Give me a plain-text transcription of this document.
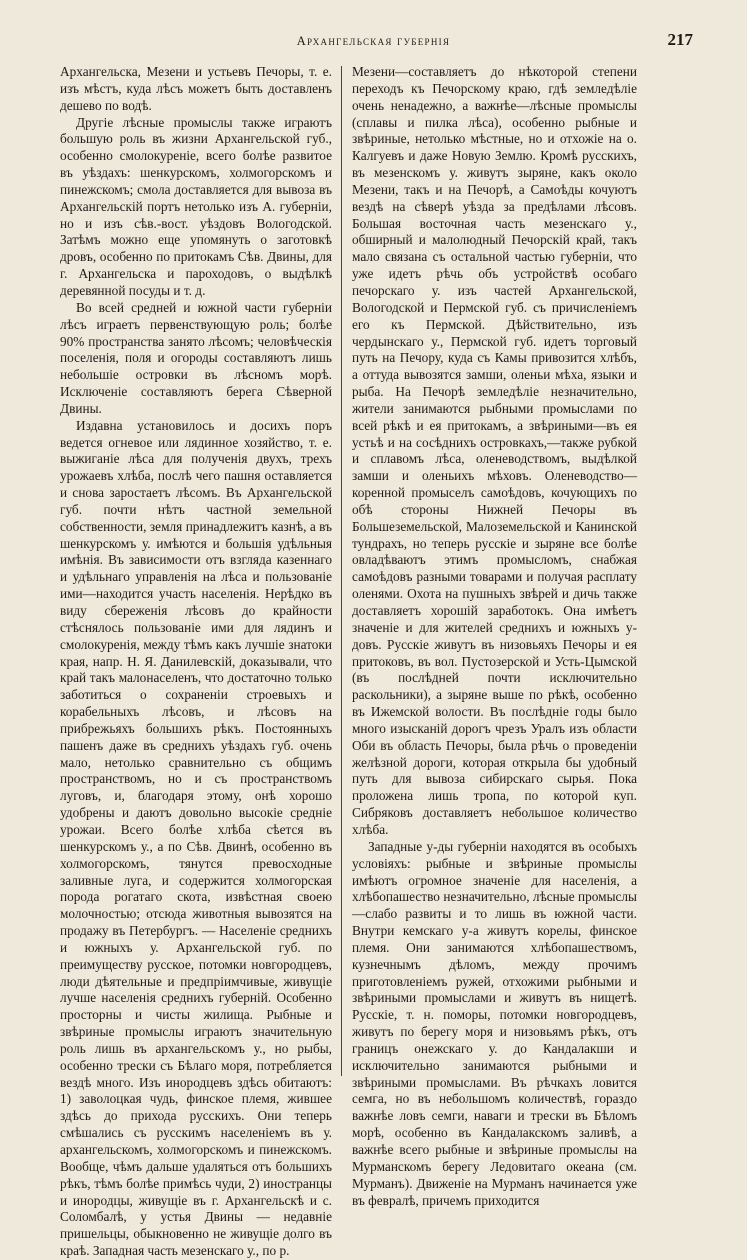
Архангельская губернія	217

Архангельска, Мезени и устьевъ Печоры, т. е. изъ мѣстъ, куда лѣсъ можетъ быть доставленъ дешево по водѣ.

Другіе лѣсные промыслы также играютъ большую роль въ жизни Архангельской губ., особенно смолокуреніе, всего болѣе развитое въ уѣздахъ: шенкурскомъ, холмогорскомъ и пинежскомъ; смола доставляется для вывоза въ Архангельскій портъ нетолько изъ А. губерніи, но и изъ сѣв.-вост. уѣздовъ Вологодской. Затѣмъ можно еще упомянуть о заготовкѣ дровъ, особенно по притокамъ Сѣв. Двины, для г. Архангельска и пароходовъ, о выдѣлкѣ деревянной посуды и т. д.

Во всей средней и южной части губерніи лѣсъ играетъ первенствующую роль; болѣе 90% пространства занято лѣсомъ; человѣческія поселенія, поля и огороды составляютъ лишь небольшіе островки въ лѣсномъ морѣ. Исключеніе составляютъ берега Сѣверной Двины.

Издавна установилось и досихъ поръ ведется огневое или лядинное хозяйство, т. е. выжиганіе лѣса для полученія двухъ, трехъ урожаевъ хлѣба, послѣ чего пашня оставляется и снова заростаетъ лѣсомъ. Въ Архангельской губ. почти нѣтъ частной земельной собственности, земля принадлежитъ казнѣ, а въ шенкурскомъ у. имѣются и большія удѣльныя имѣнія. Въ зависимости отъ взгляда казеннаго и удѣльнаго управленія на лѣса и пользованіе ими—находится участь населенія. Нерѣдко въ виду сбереженія лѣсовъ до крайности стѣснялось пользованіе ими для лядинъ и смолокуренія, между тѣмъ какъ лучшіе знатоки края, напр. Н. Я. Данилевскій, доказывали, что край такъ малонаселенъ, что достаточно только заботиться о сохраненіи строевыхъ и корабельныхъ лѣсовъ, и лѣсовъ на прибрежьяхъ большихъ рѣкъ. Постоянныхъ пашенъ даже въ среднихъ уѣздахъ губ. очень мало, нетолько сравнительно съ общимъ пространствомъ, но и съ пространствомъ луговъ, и, благодаря этому, онѣ хорошо удобрены и даютъ довольно высокіе средніе урожаи. Всего болѣе хлѣба сѣется въ шенкурскомъ у., а по Сѣв. Двинѣ, особенно въ холмогорскомъ, тянутся превосходные заливные луга, и содержится холмогорская порода рогатаго скота, извѣстная своею молочностью; отсюда животныя вывозятся на продажу въ Петербургъ. — Населеніе среднихъ и южныхъ у. Архангельской губ. по преимуществу русское, потомки новгородцевъ, люди дѣятельные и предпріимчивые, живущіе лучше населенія среднихъ губерній. Особенно просторны и чисты жилища. Рыбные и звѣриные промыслы играютъ значительную роль лишь въ архангельскомъ у., но рыбы, особенно трески съ Бѣлаго моря, потребляется вездѣ много. Изъ инородцевъ здѣсь обитаютъ: 1) заволоцкая чудь, финское племя, жившее здѣсь до прихода русскихъ. Они теперь смѣшались съ русскимъ населеніемъ въ у. архангельскомъ, холмогорскомъ и пинежскомъ. Вообще, чѣмъ дальше удаляться отъ большихъ рѣкъ, тѣмъ болѣе примѣсь чуди, 2) иностранцы и инородцы, живущіе въ г. Архангельскѣ и с. Соломбалѣ, у устья Двины — недавніе пришельцы, обыкновенно не живущіе долго въ краѣ. Западная часть мезенскаго у., по р.

Мезени—составляетъ до нѣкоторой степени переходъ къ Печорскому краю, гдѣ земледѣліе очень ненадежно, а важнѣе—лѣсные промыслы (сплавы и пилка лѣса), особенно рыбные и звѣриные, нетолько мѣстные, но и отхожіе на о. Калгуевъ и даже Новую Землю. Кромѣ русскихъ, въ мезенскомъ у. живутъ зыряне, какъ около Мезени, такъ и на Печорѣ, а Самоѣды кочуютъ вездѣ на сѣверѣ уѣзда за предѣлами лѣсовъ. Большая восточная часть мезенскаго у., обширный и малолюдный Печорскій край, такъ мало связана съ остальной частью губерніи, что уже идетъ рѣчь объ устройствѣ особаго печорскаго у. изъ частей Архангельской, Вологодской и Пермской губ. съ причисленіемъ его къ Пермской. Дѣйствительно, изъ чердынскаго у., Пермской губ. идетъ торговый путь на Печору, куда съ Камы привозится хлѣбъ, а оттуда вывозятся замши, оленьи мѣха, языки и рыба. На Печорѣ земледѣліе незначительно, жители занимаются рыбными промыслами по всей рѣкѣ и ея притокамъ, а звѣриными—въ ея устьѣ и на сосѣднихъ островкахъ,—также рубкой и сплавомъ лѣса, оленеводствомъ, выдѣлкой замши и оленьихъ мѣховъ. Оленеводство—коренной промыселъ самоѣдовъ, кочующихъ по обѣ стороны Нижней Печоры въ Большеземельской, Малоземельской и Канинской тундрахъ, но теперь русскіе и зыряне все болѣе овладѣваютъ этимъ промысломъ, снабжая самоѣдовъ разными товарами и получая расплату оленями. Охота на пушныхъ звѣрей и дичь также доставляетъ хорошій заработокъ. Она имѣетъ значеніе и для жителей среднихъ и южныхъ у-довъ. Русскіе живутъ въ низовьяхъ Печоры и ея притоковъ, въ вол. Пустозерской и Усть-Цымской (въ послѣдней почти исключительно раскольники), а зыряне выше по рѣкѣ, особенно въ Ижемской волости. Въ послѣдніе годы было много изысканій дорогъ чрезъ Уралъ изъ области Оби въ область Печоры, была рѣчь о проведеніи желѣзной дороги, которая открыла бы удобный путь для вывоза сибирскаго сырья. Пока проложена лишь тропа, по которой куп. Сибряковъ доставляетъ небольшое количество хлѣба.

Западные у-ды губерніи находятся въ особыхъ условіяхъ: рыбные и звѣриные промыслы имѣютъ огромное значеніе для населенія, а хлѣбопашество незначительно, лѣсные промыслы—слабо развиты и то лишь въ южной части. Внутри кемскаго у-а живутъ корелы, финское племя. Они занимаются хлѣбопашествомъ, кузнечнымъ дѣломъ, между прочимъ приготовленіемъ ружей, отхожими рыбными и звѣриными промыслами и живутъ въ нищетѣ. Русскіе, т. н. поморы, потомки новгородцевъ, живутъ по берегу моря и низовьямъ рѣкъ, отъ границъ онежскаго у. до Кандалакши и исключительно занимаются рыбными и звѣриными промыслами. Въ рѣчкахъ ловится семга, но въ небольшомъ количествѣ, гораздо важнѣе ловъ семги, наваги и трески въ Бѣломъ морѣ, особенно въ Кандалакскомъ заливѣ, а важнѣе всего рыбные и звѣриные промыслы на Мурманскомъ берегу Ледовитаго океана (см. Мурманъ). Движеніе на Мурманъ начинается уже въ февралѣ, причемъ приходится
